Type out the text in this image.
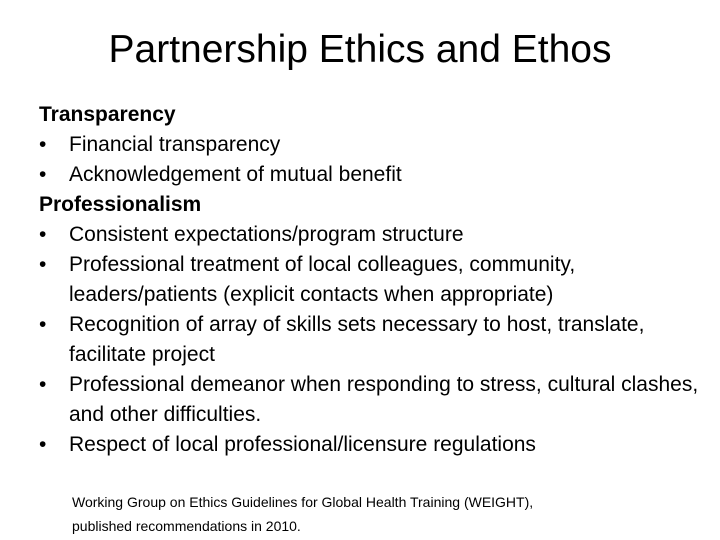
Partnership Ethics and Ethos
Transparency
•	Financial transparency
•	Acknowledgement of mutual benefit
Professionalism
•	Consistent expectations/program structure
•	Professional treatment of local colleagues, community, leaders/patients (explicit contacts when appropriate)
•	Recognition of array of skills sets necessary to host, translate, facilitate project
•	Professional demeanor when responding to stress, cultural clashes, and other difficulties.
•	Respect of local professional/licensure regulations
Working Group on Ethics Guidelines for Global Health Training (WEIGHT),
published recommendations in 2010.
